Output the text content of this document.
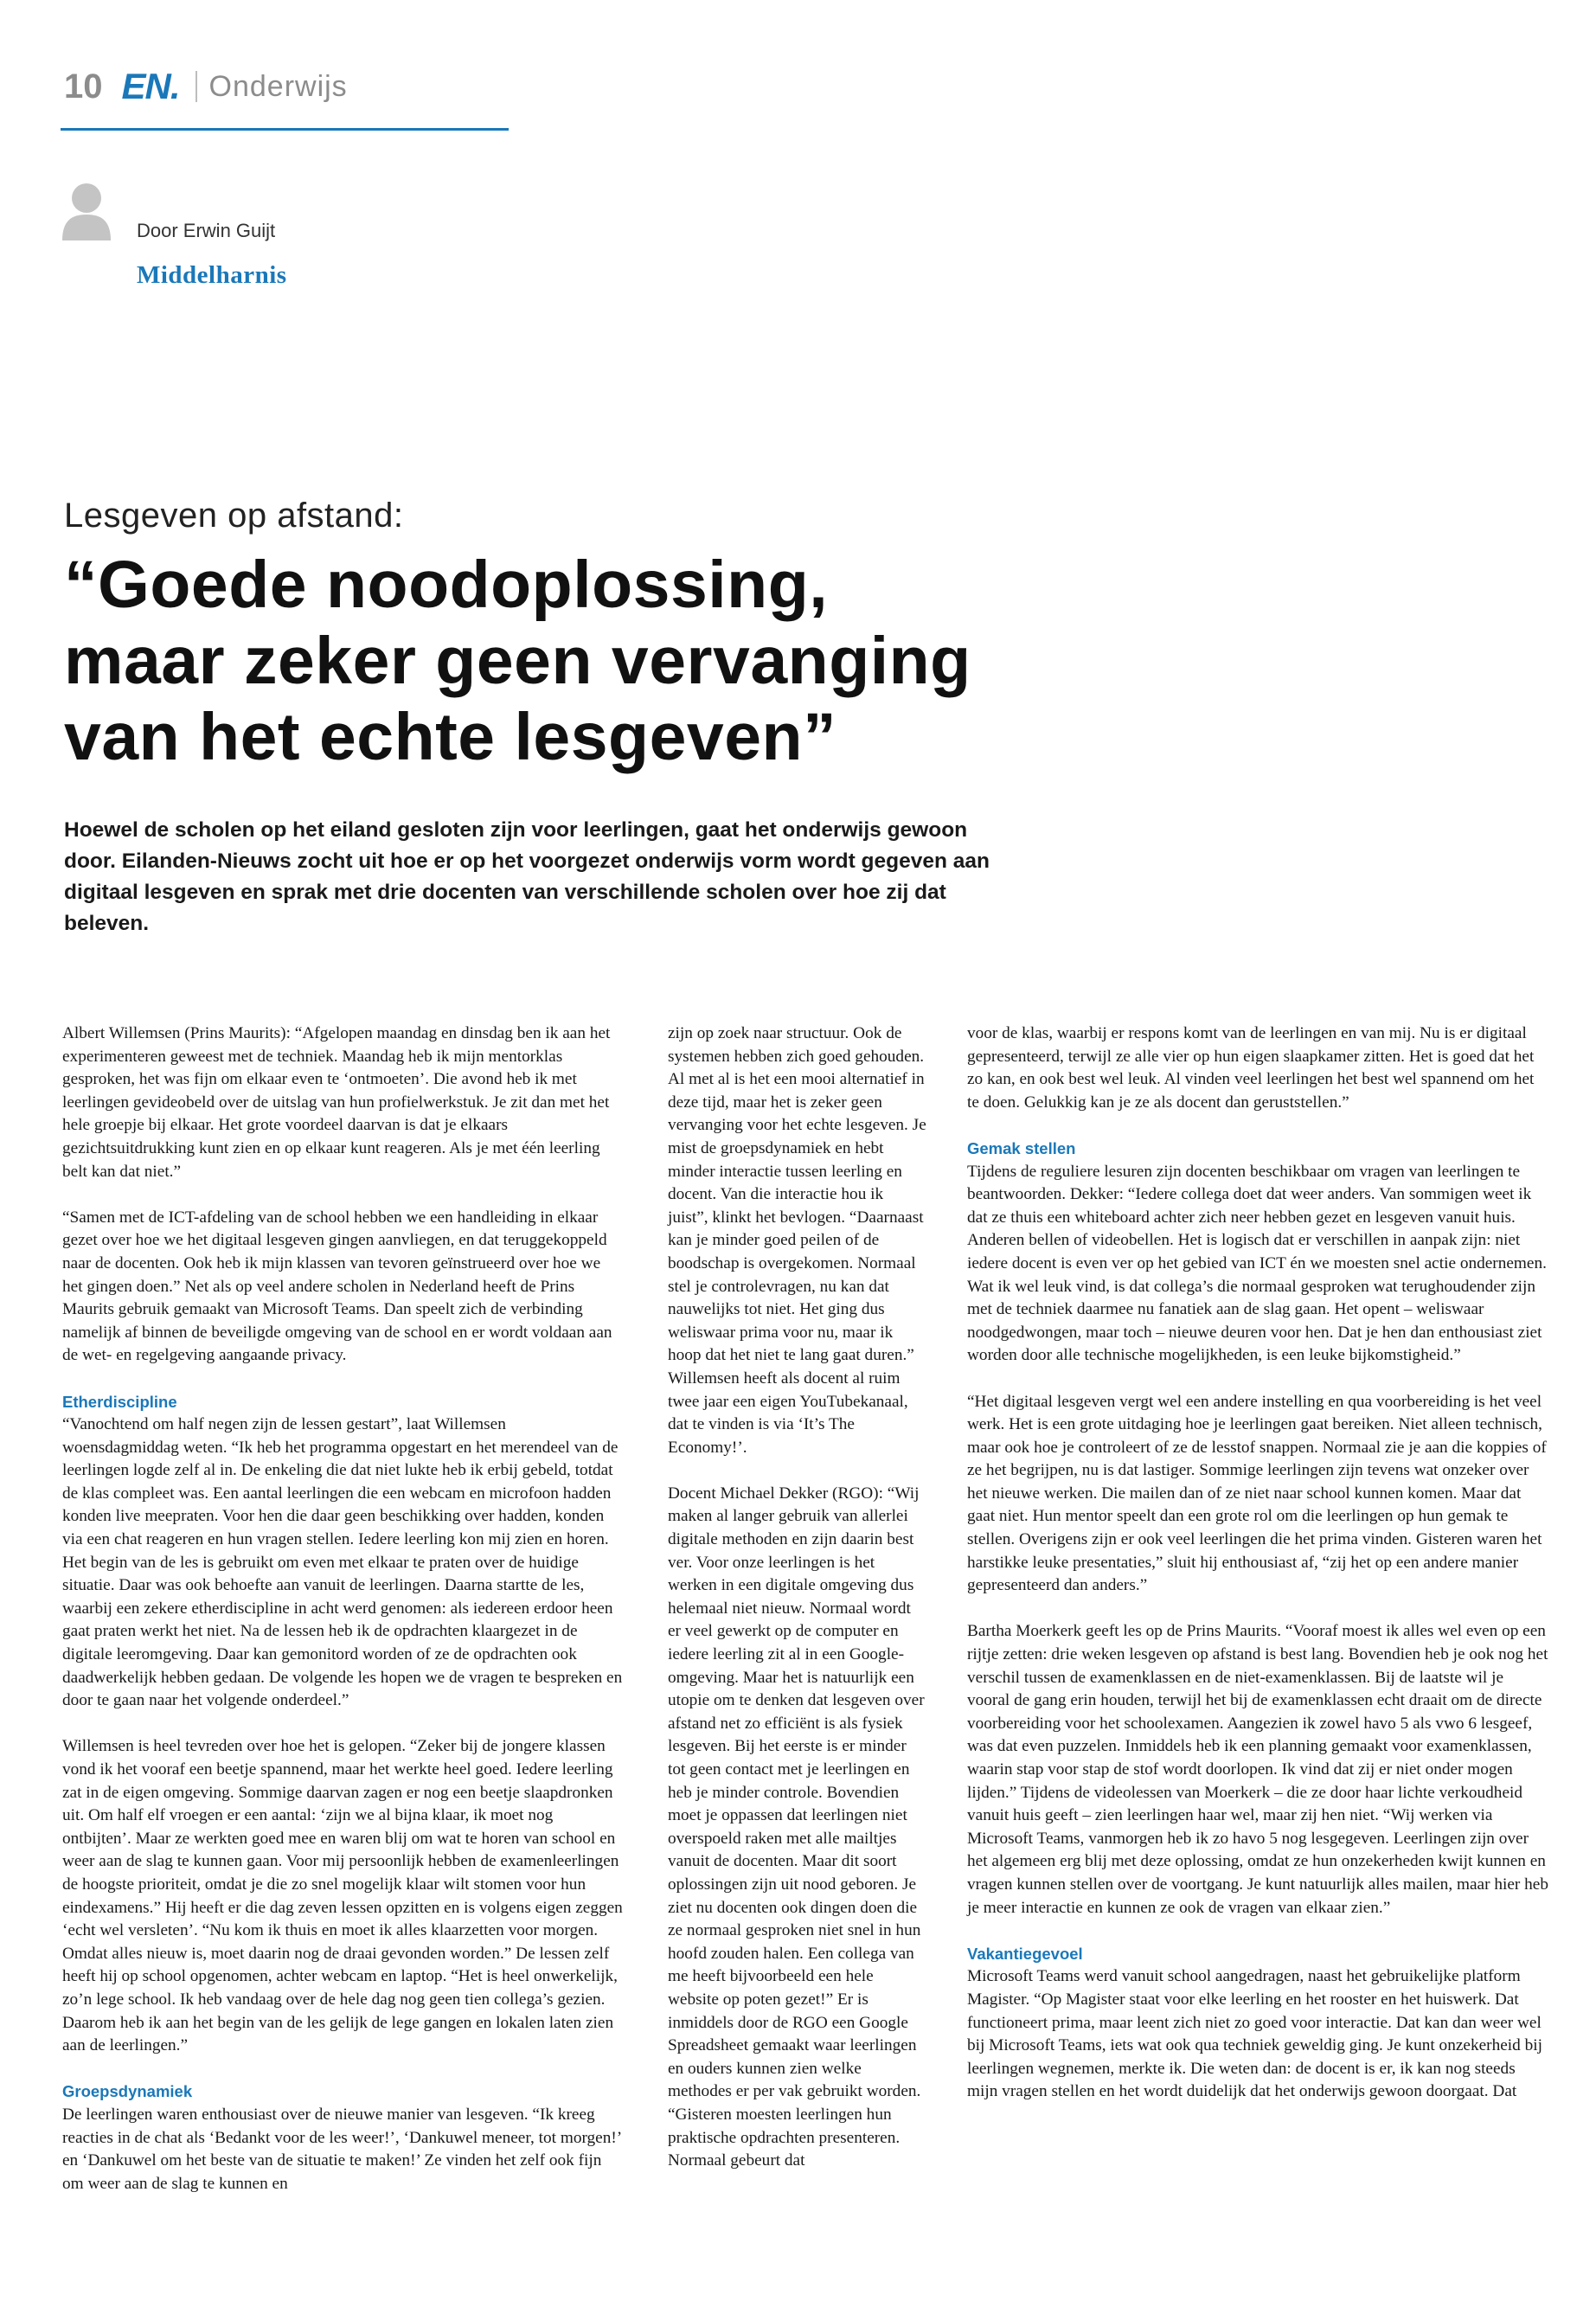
10 EN. Onderwijs
Door Erwin Guijt
Middelharnis
Lesgeven op afstand:
“Goede noodoplossing,
maar zeker geen vervanging
van het echte lesgeven”
Hoewel de scholen op het eiland gesloten zijn voor leerlingen, gaat het onderwijs gewoon door. Eilanden-Nieuws zocht uit hoe er op het voorgezet onderwijs vorm wordt gegeven aan digitaal lesgeven en sprak met drie docenten van verschillende scholen over hoe zij dat beleven.

Albert Willemsen (Prins Maurits): “Afgelopen maandag en dinsdag ben ik aan het experimenteren geweest met de techniek. Maandag heb ik mijn mentorklas gesproken, het was fijn om elkaar even te ‘ontmoeten’. Die avond heb ik met leerlingen gevideobeld over de uitslag van hun profielwerkstuk. Je zit dan met het hele groepje bij elkaar. Het grote voordeel daarvan is dat je elkaars gezichtsuitdrukking kunt zien en op elkaar kunt reageren. Als je met één leerling belt kan dat niet.”

“Samen met de ICT-afdeling van de school hebben we een handleiding in elkaar gezet over hoe we het digitaal lesgeven gingen aanvliegen, en dat teruggekoppeld naar de docenten. Ook heb ik mijn klassen van tevoren geïnstrueerd over hoe we het gingen doen.” Net als op veel andere scholen in Nederland heeft de Prins Maurits gebruik gemaakt van Microsoft Teams. Dan speelt zich de verbinding namelijk af binnen de beveiligde omgeving van de school en er wordt voldaan aan de wet- en regelgeving aangaande privacy.

Etherdiscipline

“Vanochtend om half negen zijn de lessen gestart”, laat Willemsen woensdagmiddag weten. “Ik heb het programma opgestart en het merendeel van de leerlingen logde zelf al in. De enkeling die dat niet lukte heb ik erbij gebeld, totdat de klas compleet was. Een aantal leerlingen die een webcam en microfoon hadden konden live meepraten. Voor hen die daar geen beschikking over hadden, konden via een chat reageren en hun vragen stellen. Iedere leerling kon mij zien en horen. Het begin van de les is gebruikt om even met elkaar te praten over de huidige situatie. Daar was ook behoefte aan vanuit de leerlingen. Daarna startte de les, waarbij een zekere etherdiscipline in acht werd genomen: als iedereen erdoor heen gaat praten werkt het niet. Na de lessen heb ik de opdrachten klaargezet in de digitale leeromgeving. Daar kan gemonitord worden of ze de opdrachten ook daadwerkelijk hebben gedaan. De volgende les hopen we de vragen te bespreken en door te gaan naar het volgende onderdeel.”

Willemsen is heel tevreden over hoe het is gelopen. “Zeker bij de jongere klassen vond ik het vooraf een beetje spannend, maar het werkte heel goed. Iedere leerling zat in de eigen omgeving. Sommige daarvan zagen er nog een beetje slaapdronken uit. Om half elf vroegen er een aantal: ‘zijn we al bijna klaar, ik moet nog ontbijten’. Maar ze werkten goed mee en waren blij om wat te horen van school en weer aan de slag te kunnen gaan. Voor mij persoonlijk hebben de examenleerlingen de hoogste prioriteit, omdat je die zo snel mogelijk klaar wilt stomen voor hun eindexamens.” Hij heeft er die dag zeven lessen opzitten en is volgens eigen zeggen ‘echt wel versleten’. “Nu kom ik thuis en moet ik alles klaarzetten voor morgen. Omdat alles nieuw is, moet daarin nog de draai gevonden worden.” De lessen zelf heeft hij op school opgenomen, achter webcam en laptop. “Het is heel onwerkelijk, zo’n lege school. Ik heb vandaag over de hele dag nog geen tien collega’s gezien. Daarom heb ik aan het begin van de les gelijk de lege gangen en lokalen laten zien aan de leerlingen.”

Groepsdynamiek

De leerlingen waren enthousiast over de nieuwe manier van lesgeven. “Ik kreeg reacties in de chat als ‘Bedankt voor de les weer!’, ‘Dankuwel meneer, tot morgen!’ en ‘Dankuwel om het beste van de situatie te maken!’ Ze vinden het zelf ook fijn om weer aan de slag te kunnen en

zijn op zoek naar structuur. Ook de systemen hebben zich goed gehouden. Al met al is het een mooi alternatief in deze tijd, maar het is zeker geen vervanging voor het echte lesgeven. Je mist de groepsdynamiek en hebt minder interactie tussen leerling en docent. Van die interactie hou ik juist”, klinkt het bevlogen. “Daarnaast kan je minder goed peilen of de boodschap is overgekomen. Normaal stel je controlevragen, nu kan dat nauwelijks tot niet. Het ging dus weliswaar prima voor nu, maar ik hoop dat het niet te lang gaat duren.”

Willemsen heeft als docent al ruim twee jaar een eigen YouTubekanaal, dat te vinden is via ‘It’s The Economy!’.

Docent Michael Dekker (RGO): “Wij maken al langer gebruik van allerlei digitale methoden en zijn daarin best ver. Voor onze leerlingen is het werken in een digitale omgeving dus helemaal niet nieuw. Normaal wordt er veel gewerkt op de computer en iedere leerling zit al in een Google-omgeving. Maar het is natuurlijk een utopie om te denken dat lesgeven over afstand net zo efficiënt is als fysiek lesgeven. Bij het eerste is er minder tot geen contact met je leerlingen en heb je minder controle. Bovendien moet je oppassen dat leerlingen niet overspoeld raken met alle mailtjes vanuit de docenten. Maar dit soort oplossingen zijn uit nood geboren. Je ziet nu docenten ook dingen doen die ze normaal gesproken niet snel in hun hoofd zouden halen. Een collega van me heeft bijvoorbeeld een hele website op poten gezet!” Er is inmiddels door de RGO een Google Spreadsheet gemaakt waar leerlingen en ouders kunnen zien welke methodes er per vak gebruikt worden. “Gisteren moesten leerlingen hun praktische opdrachten presenteren. Normaal gebeurt dat

voor de klas, waarbij er respons komt van de leerlingen en van mij. Nu is er digitaal gepresenteerd, terwijl ze alle vier op hun eigen slaapkamer zitten. Het is goed dat het zo kan, en ook best wel leuk. Al vinden veel leerlingen het best wel spannend om het te doen. Gelukkig kan je ze als docent dan geruststellen.”

Gemak stellen

Tijdens de reguliere lesuren zijn docenten beschikbaar om vragen van leerlingen te beantwoorden. Dekker: “Iedere collega doet dat weer anders. Van sommigen weet ik dat ze thuis een whiteboard achter zich neer hebben gezet en lesgeven vanuit huis. Anderen bellen of videobellen. Het is logisch dat er verschillen in aanpak zijn: niet iedere docent is even ver op het gebied van ICT én we moesten snel actie ondernemen. Wat ik wel leuk vind, is dat collega’s die normaal gesproken wat terughoudender zijn met de techniek daarmee nu fanatiek aan de slag gaan. Het opent – weliswaar noodgedwongen, maar toch – nieuwe deuren voor hen. Dat je hen dan enthousiast ziet worden door alle technische mogelijkheden, is een leuke bijkomstigheid.”

“Het digitaal lesgeven vergt wel een andere instelling en qua voorbereiding is het veel werk. Het is een grote uitdaging hoe je leerlingen gaat bereiken. Niet alleen technisch, maar ook hoe je controleert of ze de lesstof snappen. Normaal zie je aan die koppies of ze het begrijpen, nu is dat lastiger. Sommige leerlingen zijn tevens wat onzeker over het nieuwe werken. Die mailen dan of ze niet naar school kunnen komen. Maar dat gaat niet. Hun mentor speelt dan een grote rol om die leerlingen op hun gemak te stellen. Overigens zijn er ook veel leerlingen die het prima vinden. Gisteren waren het harstikke leuke presentaties,” sluit hij enthousiast af, “zij het op een andere manier gepresenteerd dan anders.”

Bartha Moerkerk geeft les op de Prins Maurits. “Vooraf moest ik alles wel even op een rijtje zetten: drie weken lesgeven op afstand is best lang. Bovendien heb je ook nog het verschil tussen de examenklassen en de niet-examenklassen. Bij de laatste wil je vooral de gang erin houden, terwijl het bij de examenklassen echt draait om de directe voorbereiding voor het schoolexamen. Aangezien ik zowel havo 5 als vwo 6 lesgeef, was dat even puzzelen. Inmiddels heb ik een planning gemaakt voor examenklassen, waarin stap voor stap de stof wordt doorlopen. Ik vind dat zij er niet onder mogen lijden.” Tijdens de videolessen van Moerkerk – die ze door haar lichte verkoudheid vanuit huis geeft – zien leerlingen haar wel, maar zij hen niet. “Wij werken via Microsoft Teams, vanmorgen heb ik zo havo 5 nog lesgegeven. Leerlingen zijn over het algemeen erg blij met deze oplossing, omdat ze hun onzekerheden kwijt kunnen en vragen kunnen stellen over de voortgang. Je kunt natuurlijk alles mailen, maar hier heb je meer interactie en kunnen ze ook de vragen van elkaar zien.”

Vakantiegevoel

Microsoft Teams werd vanuit school aangedragen, naast het gebruikelijke platform Magister. “Op Magister staat voor elke leerling en het rooster en het huiswerk. Dat functioneert prima, maar leent zich niet zo goed voor interactie. Dat kan dan weer wel bij Microsoft Teams, iets wat ook qua techniek geweldig ging. Je kunt onzekerheid bij leerlingen wegnemen, merkte ik. Die weten dan: de docent is er, ik kan nog steeds mijn vragen stellen en het wordt duidelijk dat het onderwijs gewoon doorgaat. Dat
